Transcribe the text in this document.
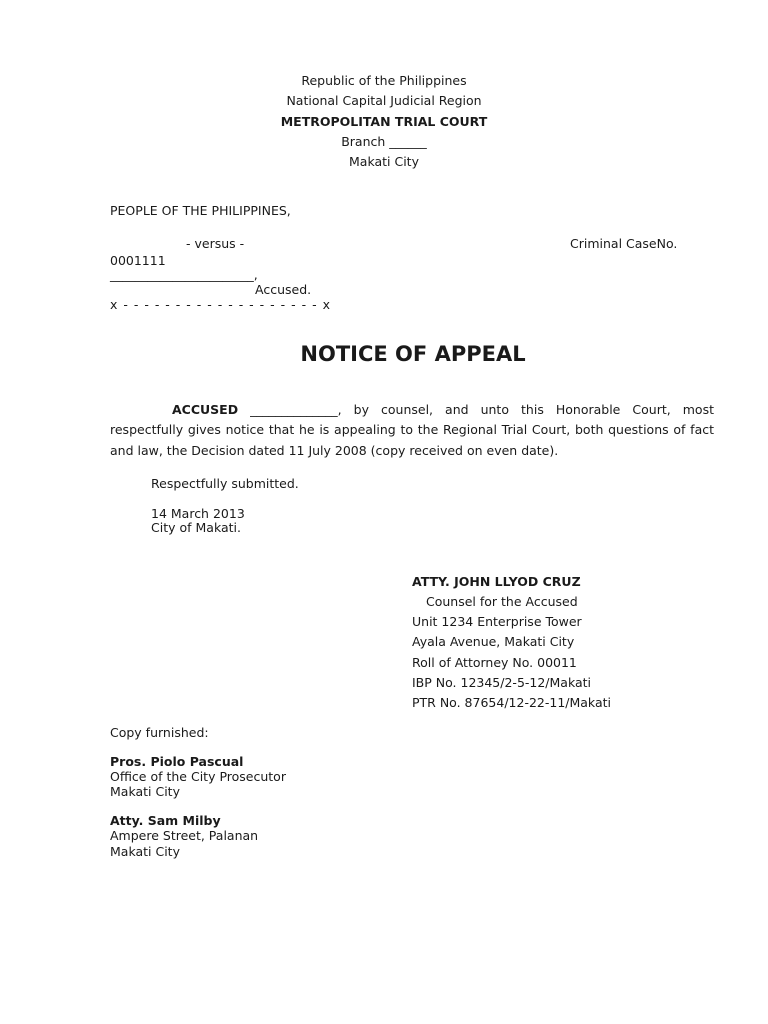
Republic of the Philippines
National Capital Judicial Region
METROPOLITAN TRIAL COURT
Branch ______
Makati City
PEOPLE OF THE PHILIPPINES,
- versus -	Criminal CaseNo.
0001111
_______________________,
Accused.
x - - - - - - - - - - - - - - - - - - - x
NOTICE OF APPEAL
ACCUSED ______________, by counsel, and unto this Honorable Court, most respectfully gives notice that he is appealing to the Regional Trial Court, both questions of fact and law, the Decision dated 11 July 2008 (copy received on even date).
Respectfully submitted.
14 March 2013
City of Makati.
ATTY. JOHN LLYOD CRUZ
Counsel for the Accused
Unit 1234 Enterprise Tower
Ayala Avenue, Makati City
Roll of Attorney No. 00011
IBP No. 12345/2-5-12/Makati
PTR No. 87654/12-22-11/Makati
Copy furnished:
Pros. Piolo Pascual
Office of the City Prosecutor
Makati City
Atty. Sam Milby
Ampere Street, Palanan
Makati City
